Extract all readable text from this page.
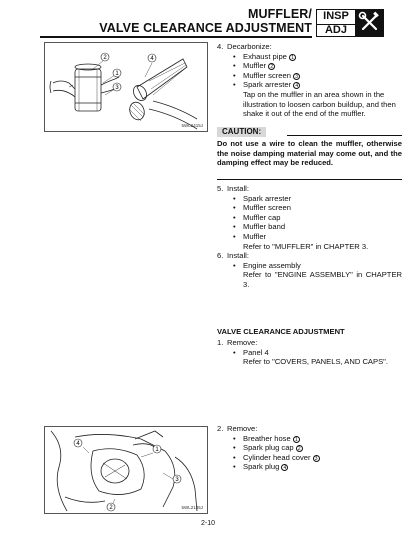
MUFFLER/
VALVE CLEARANCE ADJUSTMENT
INSP
ADJ
2	4
1
3
5WL2415J
4
1
3
2	5WL2135J
4. Decarbonize:
• Exhaust pipe 1
• Muffler 2
• Muffler screen 3
• Spark arrester 4
Tap on the muffler in an area shown in the illustration to loosen carbon buildup, and then shake it out of the end of the muffler.
CAUTION:
Do not use a wire to clean the muffler, otherwise the noise damping material may come out, and the damping effect may be reduced.
5. Install:
• Spark arrester
• Muffler screen
• Muffler cap
• Muffler band
• Muffler
Refer to "MUFFLER" in CHAPTER 3.
6. Install:
• Engine assembly
Refer to "ENGINE ASSEMBLY" in CHAPTER 3.
VALVE CLEARANCE ADJUSTMENT
1. Remove:
• Panel 4
Refer to "COVERS, PANELS, AND CAPS".
2. Remove:
• Breather hose 1
• Spark plug cap 2
• Cylinder head cover 3
• Spark plug 4
2-10
